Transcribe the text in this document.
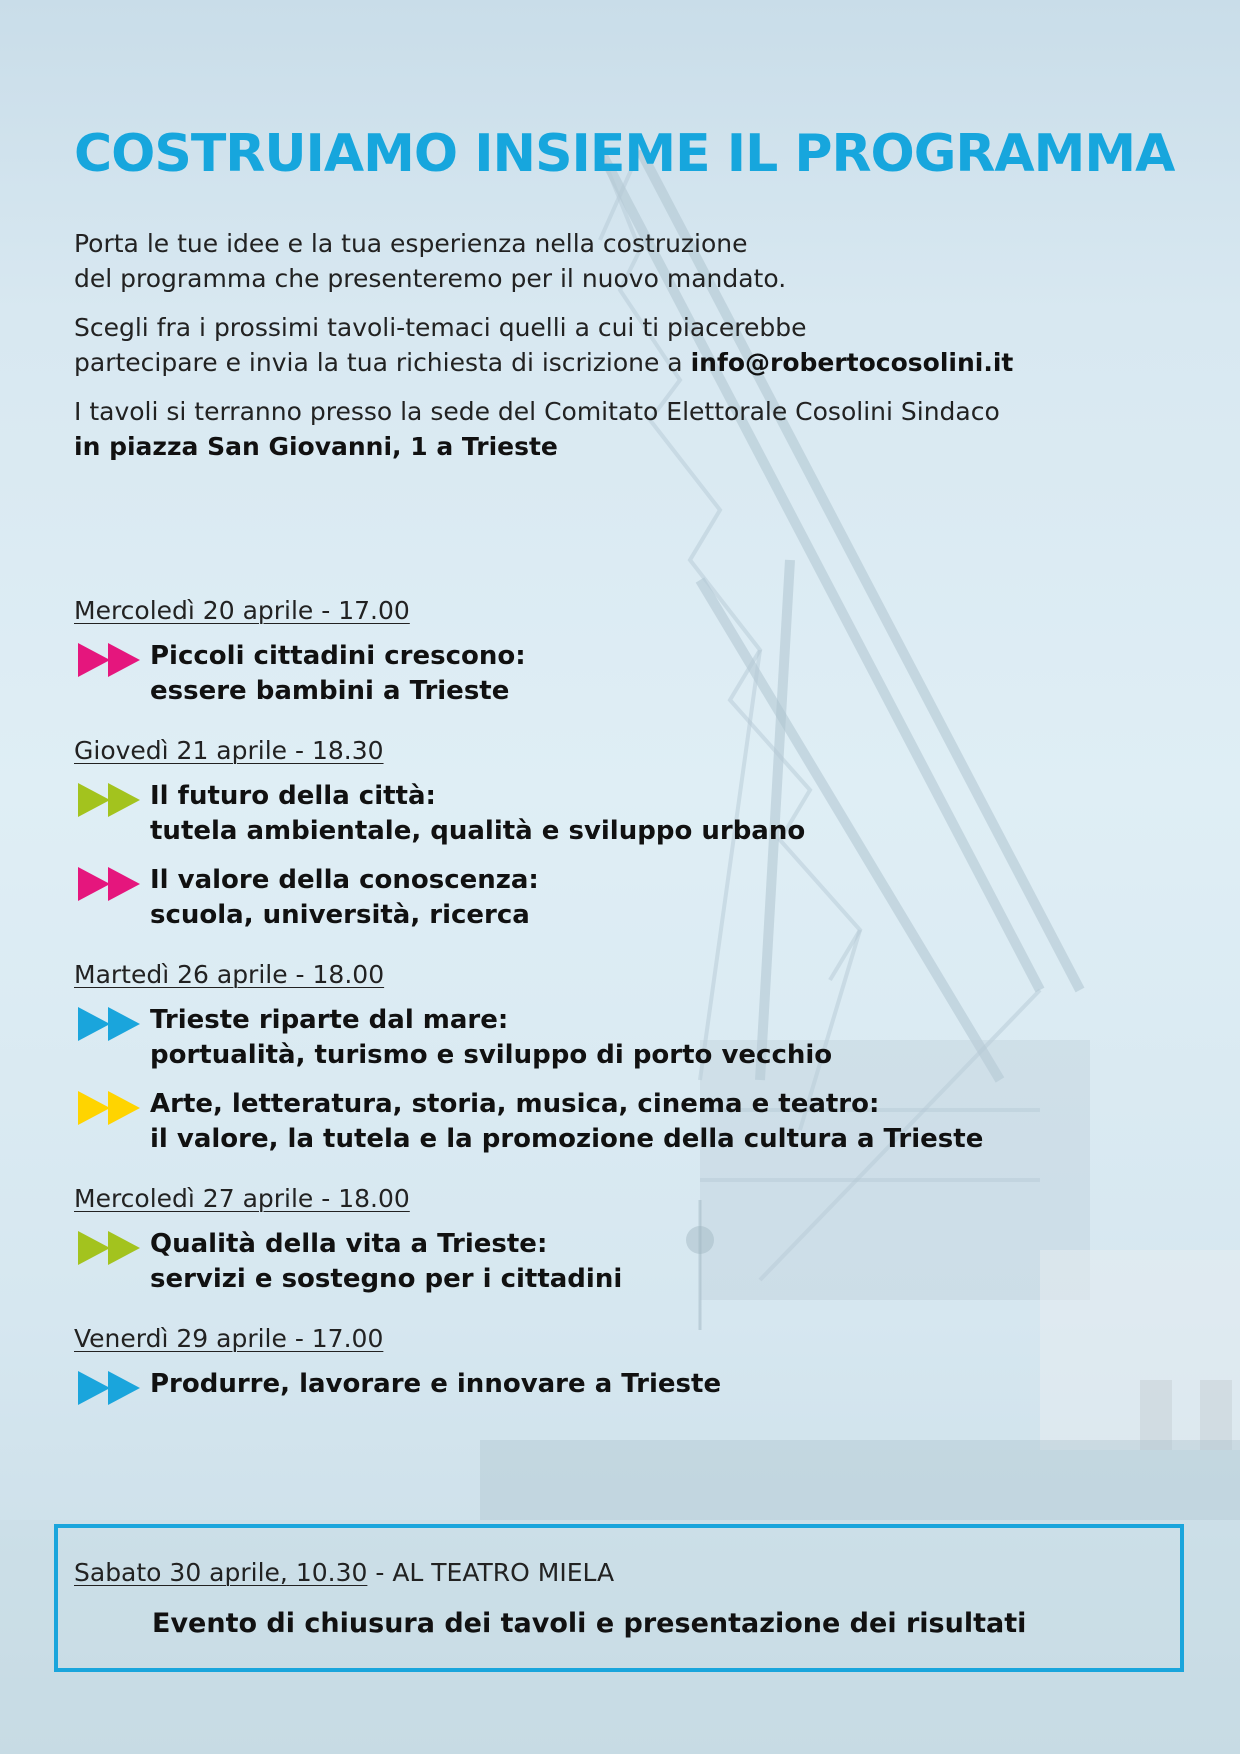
COSTRUIAMO INSIEME IL PROGRAMMA

Porta le tue idee e la tua esperienza nella costruzione
del programma che presenteremo per il nuovo mandato.

Scegli fra i prossimi tavoli-temaci quelli a cui ti piacerebbe
partecipare e invia la tua richiesta di iscrizione a info@robertocosolini.it

I tavoli si terranno presso la sede del Comitato Elettorale Cosolini Sindaco
in piazza San Giovanni, 1 a Trieste

Mercoledì 20 aprile - 17.00
Piccoli cittadini crescono:
essere bambini a Trieste
Giovedì 21 aprile - 18.30
Il futuro della città:
tutela ambientale, qualità e sviluppo urbano
Il valore della conoscenza:
scuola, università, ricerca
Martedì 26 aprile - 18.00
Trieste riparte dal mare:
portualità, turismo e sviluppo di porto vecchio
Arte, letteratura, storia, musica, cinema e teatro:
il valore, la tutela e la promozione della cultura a Trieste
Mercoledì 27 aprile - 18.00
Qualità della vita a Trieste:
servizi e sostegno per i cittadini
Venerdì 29 aprile - 17.00
Produrre, lavorare e innovare a Trieste
Sabato 30 aprile, 10.30 - AL TEATRO MIELA
Evento di chiusura dei tavoli e presentazione dei risultati
